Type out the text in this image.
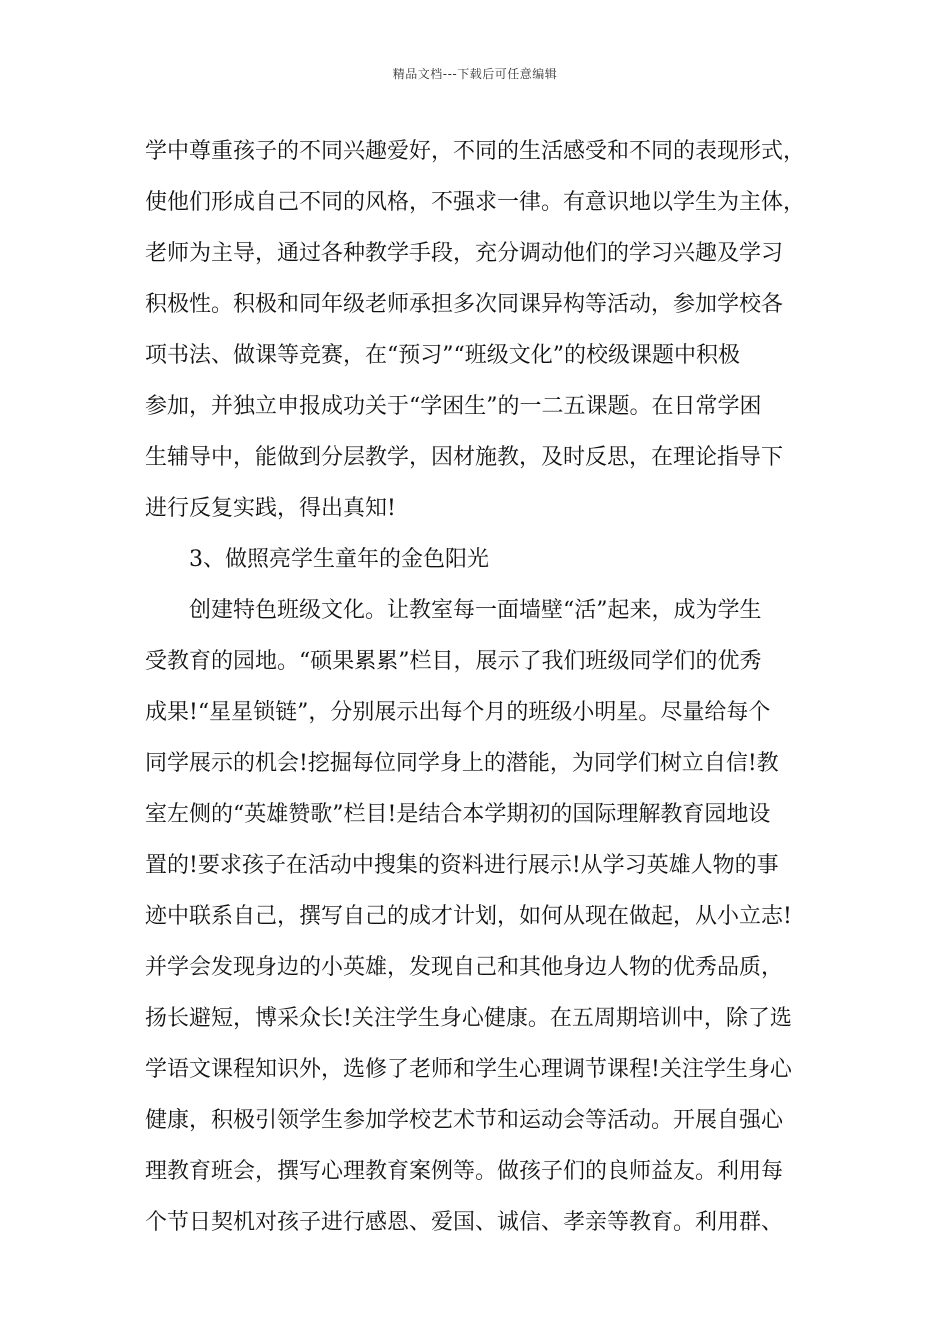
精品文档---下载后可任意编辑
学中尊重孩子的不同兴趣爱好，不同的生活感受和不同的表现形式，
使他们形成自己不同的风格，不强求一律。有意识地以学生为主体，
老师为主导，通过各种教学手段，充分调动他们的学习兴趣及学习
积极性。积极和同年级老师承担多次同课异构等活动，参加学校各
项书法、做课等竞赛，在“预习”“班级文化”的校级课题中积极
参加，并独立申报成功关于“学困生”的一二五课题。在日常学困
生辅导中，能做到分层教学，因材施教，及时反思，在理论指导下
进行反复实践，得出真知!
3、做照亮学生童年的金色阳光
创建特色班级文化。让教室每一面墙壁“活”起来，成为学生
受教育的园地。“硕果累累”栏目，展示了我们班级同学们的优秀
成果!“星星锁链”，分别展示出每个月的班级小明星。尽量给每个
同学展示的机会!挖掘每位同学身上的潜能，为同学们树立自信!教
室左侧的“英雄赞歌”栏目!是结合本学期初的国际理解教育园地设
置的!要求孩子在活动中搜集的资料进行展示!从学习英雄人物的事
迹中联系自己，撰写自己的成才计划，如何从现在做起，从小立志!
并学会发现身边的小英雄，发现自己和其他身边人物的优秀品质，
扬长避短，博采众长!关注学生身心健康。在五周期培训中，除了选
学语文课程知识外，选修了老师和学生心理调节课程!关注学生身心
健康，积极引领学生参加学校艺术节和运动会等活动。开展自强心
理教育班会，撰写心理教育案例等。做孩子们的良师益友。利用每
个节日契机对孩子进行感恩、爱国、诚信、孝亲等教育。利用群、
